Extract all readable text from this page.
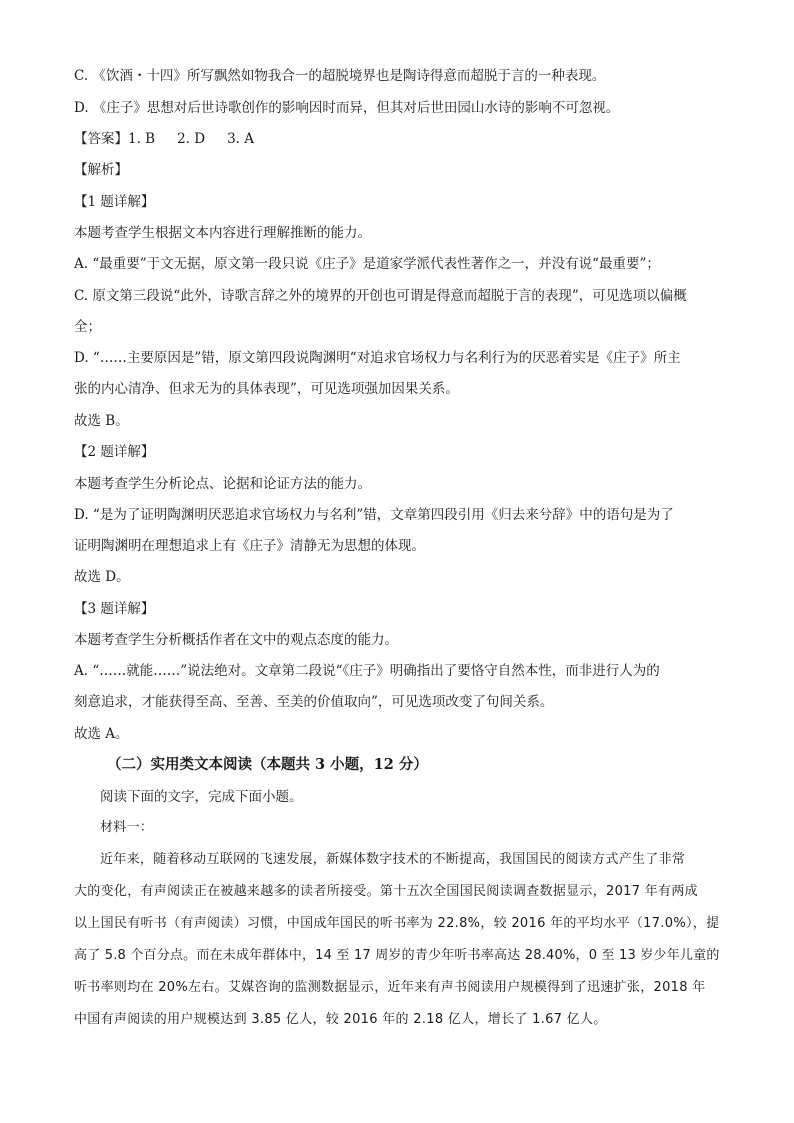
C. 《饮酒・十四》所写飘然如物我合一的超脱境界也是陶诗得意而超脱于言的一种表现。
D. 《庄子》思想对后世诗歌创作的影响因时而异，但其对后世田园山水诗的影响不可忽视。
【答案】1. B 2. D 3. A
【解析】
【1 题详解】
本题考查学生根据文本内容进行理解推断的能力。
A. “最重要”于文无据，原文第一段只说《庄子》是道家学派代表性著作之一，并没有说“最重要”；
C. 原文第三段说“此外，诗歌言辞之外的境界的开创也可谓是得意而超脱于言的表现”，可见选项以偏概
全；
D. “……主要原因是”错，原文第四段说陶渊明“对追求官场权力与名利行为的厌恶着实是《庄子》所主
张的内心清净、但求无为的具体表现”，可见选项强加因果关系。
故选 B。
【2 题详解】
本题考查学生分析论点、论据和论证方法的能力。
D. “是为了证明陶渊明厌恶追求官场权力与名利”错，文章第四段引用《归去来兮辞》中的语句是为了
证明陶渊明在理想追求上有《庄子》清静无为思想的体现。
故选 D。
【3 题详解】
本题考查学生分析概括作者在文中的观点态度的能力。
A. “……就能……”说法绝对。文章第二段说“《庄子》明确指出了要恪守自然本性，而非进行人为的
刻意追求，才能获得至高、至善、至美的价值取向”，可见选项改变了句间关系。
故选 A。
（二）实用类文本阅读（本题共 3 小题，12 分）
阅读下面的文字，完成下面小题。
材料一：
近年来，随着移动互联网的飞速发展，新媒体数字技术的不断提高，我国国民的阅读方式产生了非常
大的变化，有声阅读正在被越来越多的读者所接受。第十五次全国国民阅读调查数据显示，2017 年有两成
以上国民有听书（有声阅读）习惯，中国成年国民的听书率为 22.8%，较 2016 年的平均水平（17.0%），提
高了 5.8 个百分点。而在未成年群体中，14 至 17 周岁的青少年听书率高达 28.40%，0 至 13 岁少年儿童的
听书率则均在 20%左右。艾媒咨询的监测数据显示，近年来有声书阅读用户规模得到了迅速扩张，2018 年
中国有声阅读的用户规模达到 3.85 亿人，较 2016 年的 2.18 亿人，增长了 1.67 亿人。
